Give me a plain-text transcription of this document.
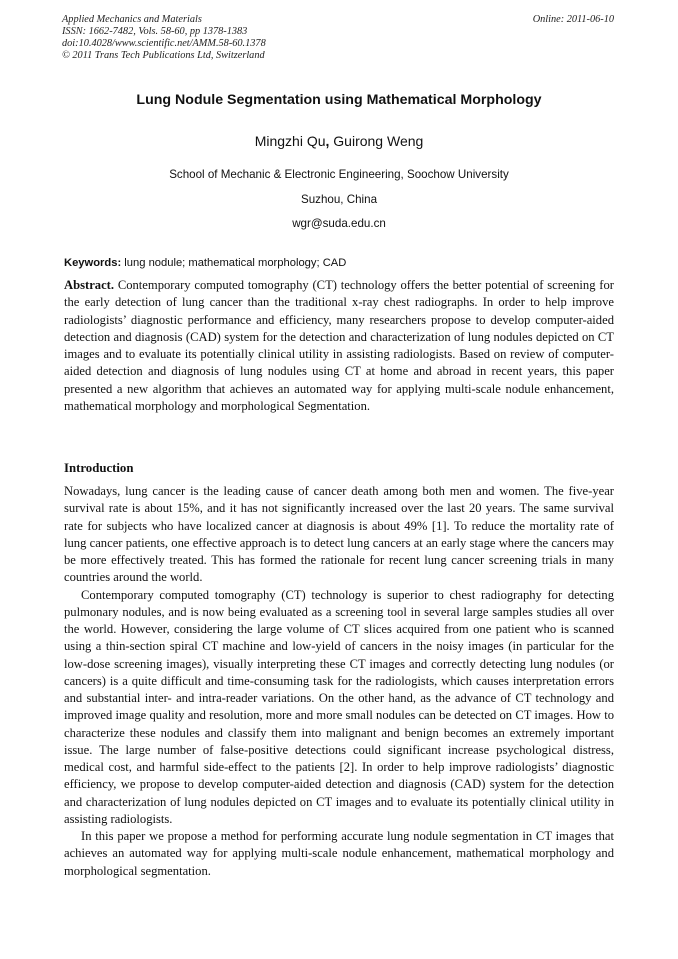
Applied Mechanics and Materials
ISSN: 1662-7482, Vols. 58-60, pp 1378-1383
doi:10.4028/www.scientific.net/AMM.58-60.1378
© 2011 Trans Tech Publications Ltd, Switzerland
Online: 2011-06-10
Lung Nodule Segmentation using Mathematical Morphology
Mingzhi Qu, Guirong Weng
School of Mechanic & Electronic Engineering, Soochow University
Suzhou, China
wgr@suda.edu.cn
Keywords: lung nodule; mathematical morphology; CAD

Abstract. Contemporary computed tomography (CT) technology offers the better potential of screening for the early detection of lung cancer than the traditional x-ray chest radiographs. In order to help improve radiologists’ diagnostic performance and efficiency, many researchers propose to develop computer-aided detection and diagnosis (CAD) system for the detection and characterization of lung nodules depicted on CT images and to evaluate its potentially clinical utility in assisting radiologists. Based on review of computer-aided detection and diagnosis of lung nodules using CT at home and abroad in recent years, this paper presented a new algorithm that achieves an automated way for applying multi-scale nodule enhancement, mathematical morphology and morphological Segmentation.

Introduction

Nowadays, lung cancer is the leading cause of cancer death among both men and women. The five-year survival rate is about 15%, and it has not significantly increased over the last 20 years. The same survival rate for subjects who have localized cancer at diagnosis is about 49% [1]. To reduce the mortality rate of lung cancer patients, one effective approach is to detect lung cancers at an early stage where the cancers may be more effectively treated. This has formed the rationale for recent lung cancer screening trials in many countries around the world.

Contemporary computed tomography (CT) technology is superior to chest radiography for detecting pulmonary nodules, and is now being evaluated as a screening tool in several large samples studies all over the world. However, considering the large volume of CT slices acquired from one patient who is scanned using a thin-section spiral CT machine and low-yield of cancers in the noisy images (in particular for the low-dose screening images), visually interpreting these CT images and correctly detecting lung nodules (or cancers) is a quite difficult and time-consuming task for the radiologists, which causes interpretation errors and substantial inter- and intra-reader variations. On the other hand, as the advance of CT technology and improved image quality and resolution, more and more small nodules can be detected on CT images. How to characterize these nodules and classify them into malignant and benign becomes an extremely important issue. The large number of false-positive detections could significant increase psychological distress, medical cost, and harmful side-effect to the patients [2]. In order to help improve radiologists’ diagnostic efficiency, we propose to develop computer-aided detection and diagnosis (CAD) system for the detection and characterization of lung nodules depicted on CT images and to evaluate its potentially clinical utility in assisting radiologists.

In this paper we propose a method for performing accurate lung nodule segmentation in CT images that achieves an automated way for applying multi-scale nodule enhancement, mathematical morphology and morphological segmentation.
